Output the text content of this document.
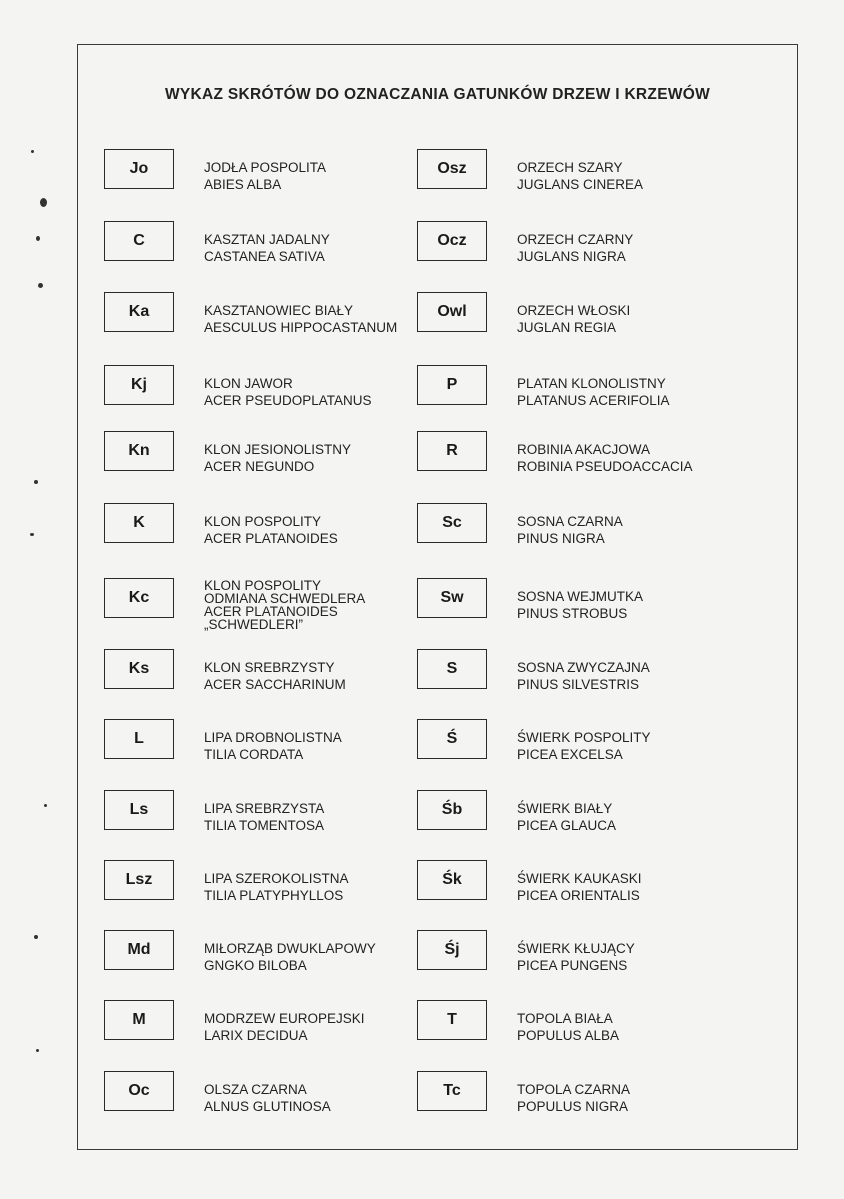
WYKAZ SKRÓTÓW DO OZNACZANIA GATUNKÓW DRZEW I KRZEWÓW
Jo	JODŁA POSPOLITA
ABIES ALBA
C	KASZTAN JADALNY
CASTANEA SATIVA
Ka	KASZTANOWIEC BIAŁY
AESCULUS HIPPOCASTANUM
Kj	KLON JAWOR
ACER PSEUDOPLATANUS
Kn	KLON JESIONOLISTNY
ACER NEGUNDO
K	KLON POSPOLITY
ACER PLATANOIDES
Kc
KLON POSPOLITY
ODMIANA SCHWEDLERA
ACER PLATANOIDES
„SCHWEDLERI”
Ks	KLON SREBRZYSTY
ACER SACCHARINUM
L	LIPA DROBNOLISTNA
TILIA CORDATA
Ls	LIPA SREBRZYSTA
TILIA TOMENTOSA
Lsz	LIPA SZEROKOLISTNA
TILIA PLATYPHYLLOS
Md	MIŁORZĄB DWUKLAPOWY
GNGKO BILOBA
M	MODRZEW EUROPEJSKI
LARIX DECIDUA
Oc	OLSZA CZARNA
ALNUS GLUTINOSA
Osz	ORZECH SZARY
JUGLANS CINEREA
Ocz	ORZECH CZARNY
JUGLANS NIGRA
Owl	ORZECH WŁOSKI
JUGLAN REGIA
P	PLATAN KLONOLISTNY
PLATANUS ACERIFOLIA
R	ROBINIA AKACJOWA
ROBINIA PSEUDOACCACIA
Sc	SOSNA CZARNA
PINUS NIGRA
Sw	SOSNA WEJMUTKA
PINUS STROBUS
S	SOSNA ZWYCZAJNA
PINUS SILVESTRIS
Ś	ŚWIERK POSPOLITY
PICEA EXCELSA
Śb	ŚWIERK BIAŁY
PICEA GLAUCA
Śk	ŚWIERK KAUKASKI
PICEA ORIENTALIS
Śj	ŚWIERK KŁUJĄCY
PICEA PUNGENS
T	TOPOLA BIAŁA
POPULUS ALBA
Tc	TOPOLA CZARNA
POPULUS NIGRA
